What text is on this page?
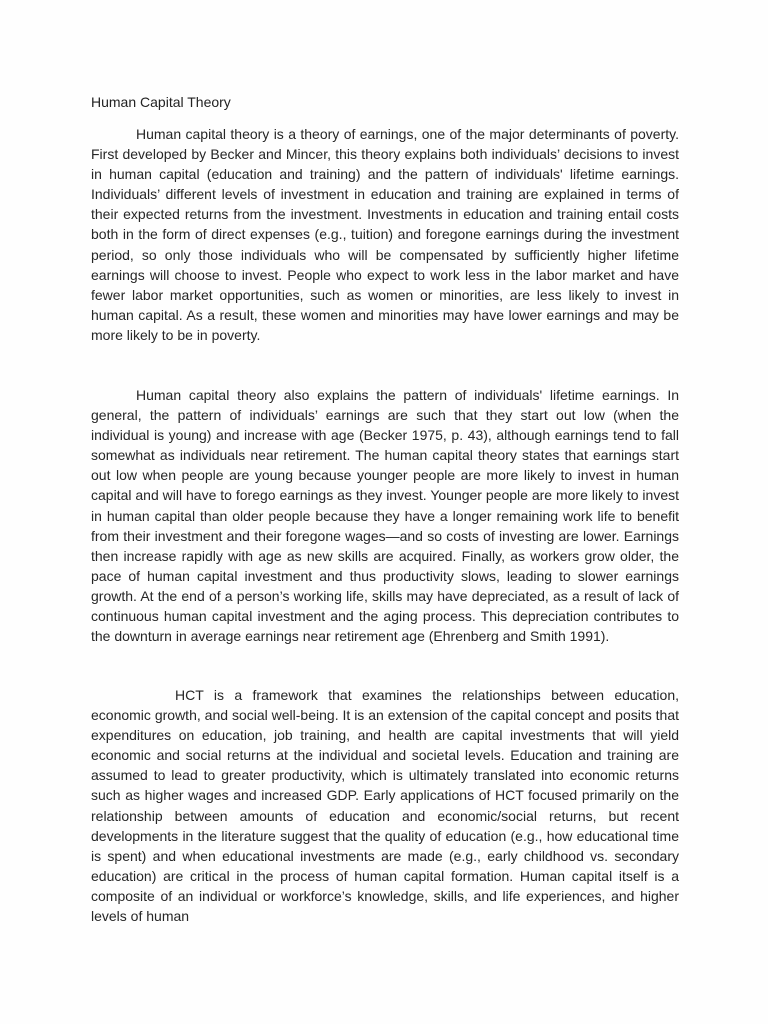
Human Capital Theory

Human capital theory is a theory of earnings, one of the major determinants of poverty. First developed by Becker and Mincer, this theory explains both individuals’ decisions to invest in human capital (education and training) and the pattern of individuals' lifetime earnings. Individuals’ different levels of investment in education and training are explained in terms of their expected returns from the investment. Investments in education and training entail costs both in the form of direct expenses (e.g., tuition) and foregone earnings during the investment period, so only those individuals who will be compensated by sufficiently higher lifetime earnings will choose to invest. People who expect to work less in the labor market and have fewer labor market opportunities, such as women or minorities, are less likely to invest in human capital. As a result, these women and minorities may have lower earnings and may be more likely to be in poverty.

Human capital theory also explains the pattern of individuals' lifetime earnings. In general, the pattern of individuals’ earnings are such that they start out low (when the individual is young) and increase with age (Becker 1975, p. 43), although earnings tend to fall somewhat as individuals near retirement. The human capital theory states that earnings start out low when people are young because younger people are more likely to invest in human capital and will have to forego earnings as they invest. Younger people are more likely to invest in human capital than older people because they have a longer remaining work life to benefit from their investment and their foregone wages—and so costs of investing are lower. Earnings then increase rapidly with age as new skills are acquired. Finally, as workers grow older, the pace of human capital investment and thus productivity slows, leading to slower earnings growth. At the end of a person’s working life, skills may have depreciated, as a result of lack of continuous human capital investment and the aging process. This depreciation contributes to the downturn in average earnings near retirement age (Ehrenberg and Smith 1991).

HCT is a framework that examines the relationships between education, economic growth, and social well-being. It is an extension of the capital concept and posits that expenditures on education, job training, and health are capital investments that will yield economic and social returns at the individual and societal levels. Education and training are assumed to lead to greater productivity, which is ultimately translated into economic returns such as higher wages and increased GDP. Early applications of HCT focused primarily on the relationship between amounts of education and economic/social returns, but recent developments in the literature suggest that the quality of education (e.g., how educational time is spent) and when educational investments are made (e.g., early childhood vs. secondary education) are critical in the process of human capital formation. Human capital itself is a composite of an individual or workforce’s knowledge, skills, and life experiences, and higher levels of human
